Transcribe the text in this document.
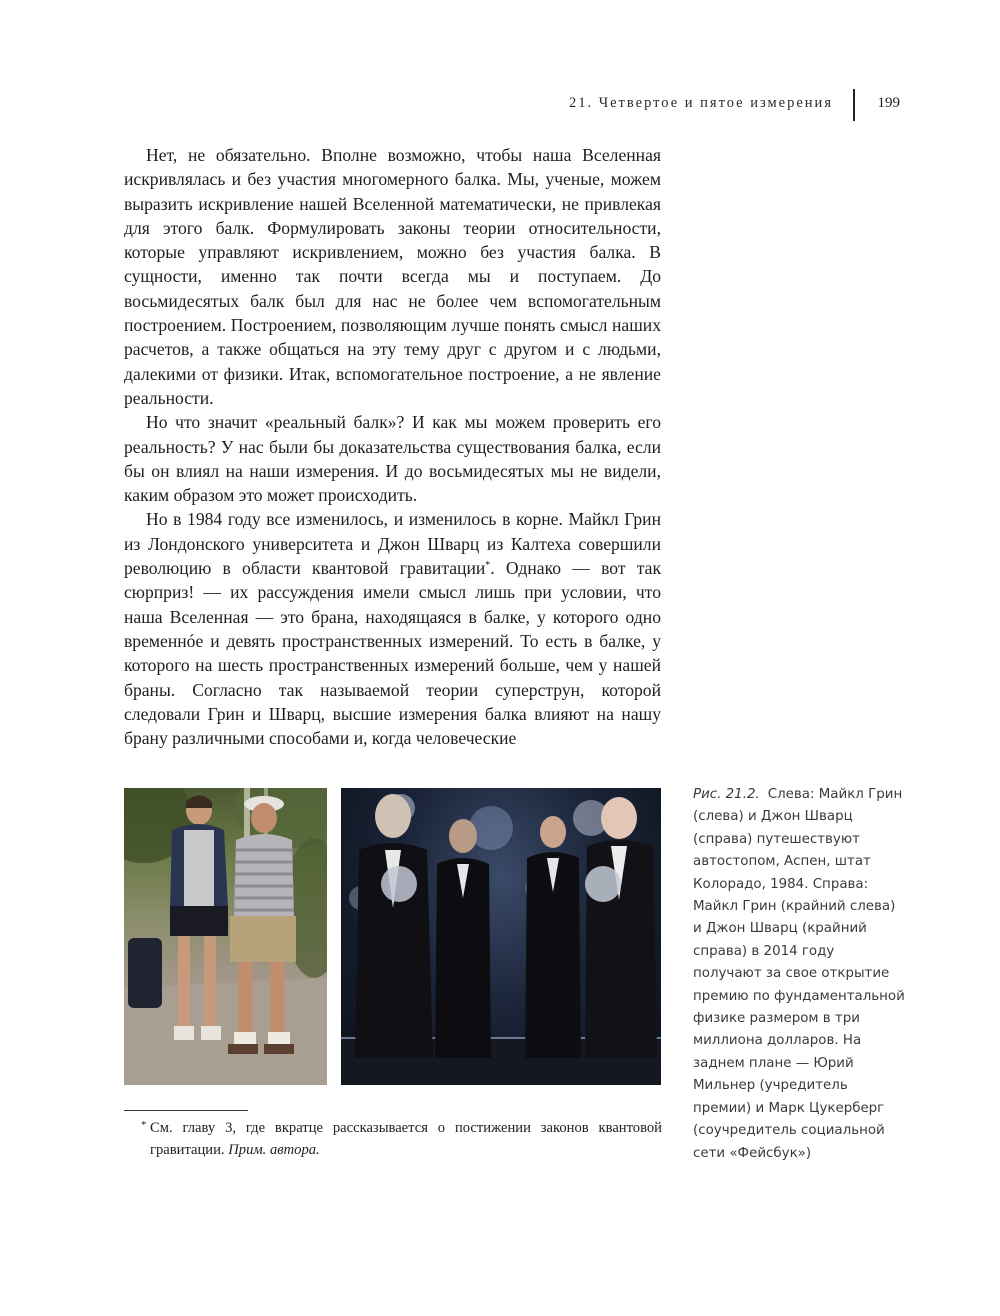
21. Четвертое и пятое измерения	199

Нет, не обязательно. Вполне возможно, чтобы наша Вселенная искривлялась и без участия многомерного балка. Мы, ученые, можем выразить искривление нашей Вселенной математически, не привлекая для этого балк. Формулировать законы теории относительности, которые управляют искривлением, можно без участия балка. В сущности, именно так почти всегда мы и поступаем. До восьмидесятых балк был для нас не более чем вспомогательным построением. Построением, позволяющим лучше понять смысл наших расчетов, а также общаться на эту тему друг с другом и с людьми, далекими от физики. Итак, вспомогательное построение, а не явление реальности.

Но что значит «реальный балк»? И как мы можем проверить его реальность? У нас были бы доказательства существования балка, если бы он влиял на наши измерения. И до восьмидесятых мы не видели, каким образом это может происходить.

Но в 1984 году все изменилось, и изменилось в корне. Майкл Грин из Лондонского университета и Джон Шварц из Калтеха совершили революцию в области квантовой гравитации*. Однако — вот так сюрприз! — их рассуждения имели смысл лишь при условии, что наша Вселенная — это брана, находящаяся в балке, у которого одно временнóе и девять пространственных измерений. То есть в балке, у которого на шесть пространственных измерений больше, чем у нашей браны. Согласно так называемой теории суперструн, которой следовали Грин и Шварц, высшие измерения балка влияют на нашу брану различными способами и, когда человеческие

Рис. 21.2. Слева: Майкл Грин (слева) и Джон Шварц (справа) путешествуют автостопом, Аспен, штат Колорадо, 1984. Справа: Майкл Грин (крайний слева) и Джон Шварц (крайний справа) в 2014 году получают за свое открытие премию по фундаментальной физике размером в три миллиона долларов. На заднем плане — Юрий Мильнер (учредитель премии) и Марк Цукерберг (соучредитель социальной сети «Фейсбук»)
* См. главу 3, где вкратце рассказывается о постижении законов квантовой гравитации. Прим. автора.
